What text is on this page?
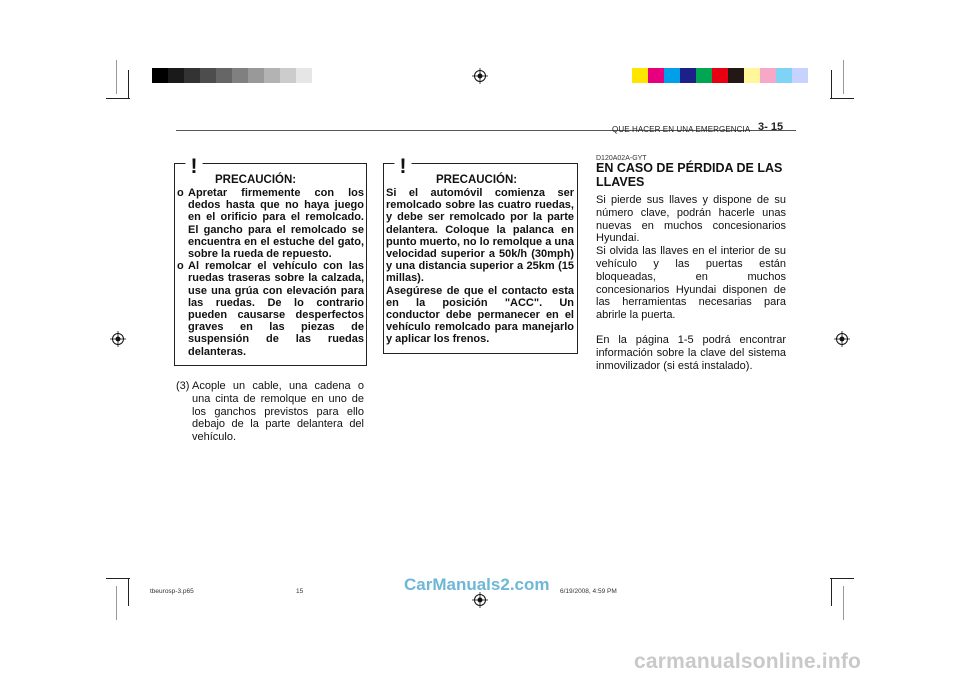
QUE HACER EN UNA EMERGENCIA 3- 15
!
PRECAUCIÓN:
o Apretar firmemente con los dedos hasta que no haya juego en el orificio para el remolcado. El gancho para el remolcado se encuentra en el estuche del gato, sobre la rueda de repuesto.
o Al remolcar el vehículo con las ruedas traseras sobre la calzada, use una grúa con elevación para las ruedas. De lo contrario pueden causarse desperfectos graves en las piezas de suspensión de las ruedas delanteras.
(3) Acople un cable, una cadena o una cinta de remolque en uno de los ganchos previstos para ello debajo de la parte delantera del vehículo.
!
PRECAUCIÓN:
Si el automóvil comienza ser remolcado sobre las cuatro ruedas, y debe ser remolcado por la parte delantera. Coloque la palanca en punto muerto, no lo remolque a una velocidad superior a 50k/h (30mph) y una distancia superior a 25km (15 millas).
Asegúrese de que el contacto esta en la posición "ACC". Un conductor debe permanecer en el vehículo remolcado para manejarlo y aplicar los frenos.
D120A02A-GYT
EN CASO DE PÉRDIDA DE LAS LLAVES

Si pierde sus llaves y dispone de su número clave, podrán hacerle unas nuevas en muchos concesionarios Hyundai.

Si olvida las llaves en el interior de su vehículo y las puertas están bloqueadas, en muchos concesionarios Hyundai disponen de las herramientas necesarias para abrirle la puerta.

En la página 1-5 podrá encontrar información sobre la clave del sistema inmovilizador (si está instalado).

tbeurosp-3.p65	15	6/19/2008, 4:59 PM
CarManuals2.com
carmanualsonline.info
